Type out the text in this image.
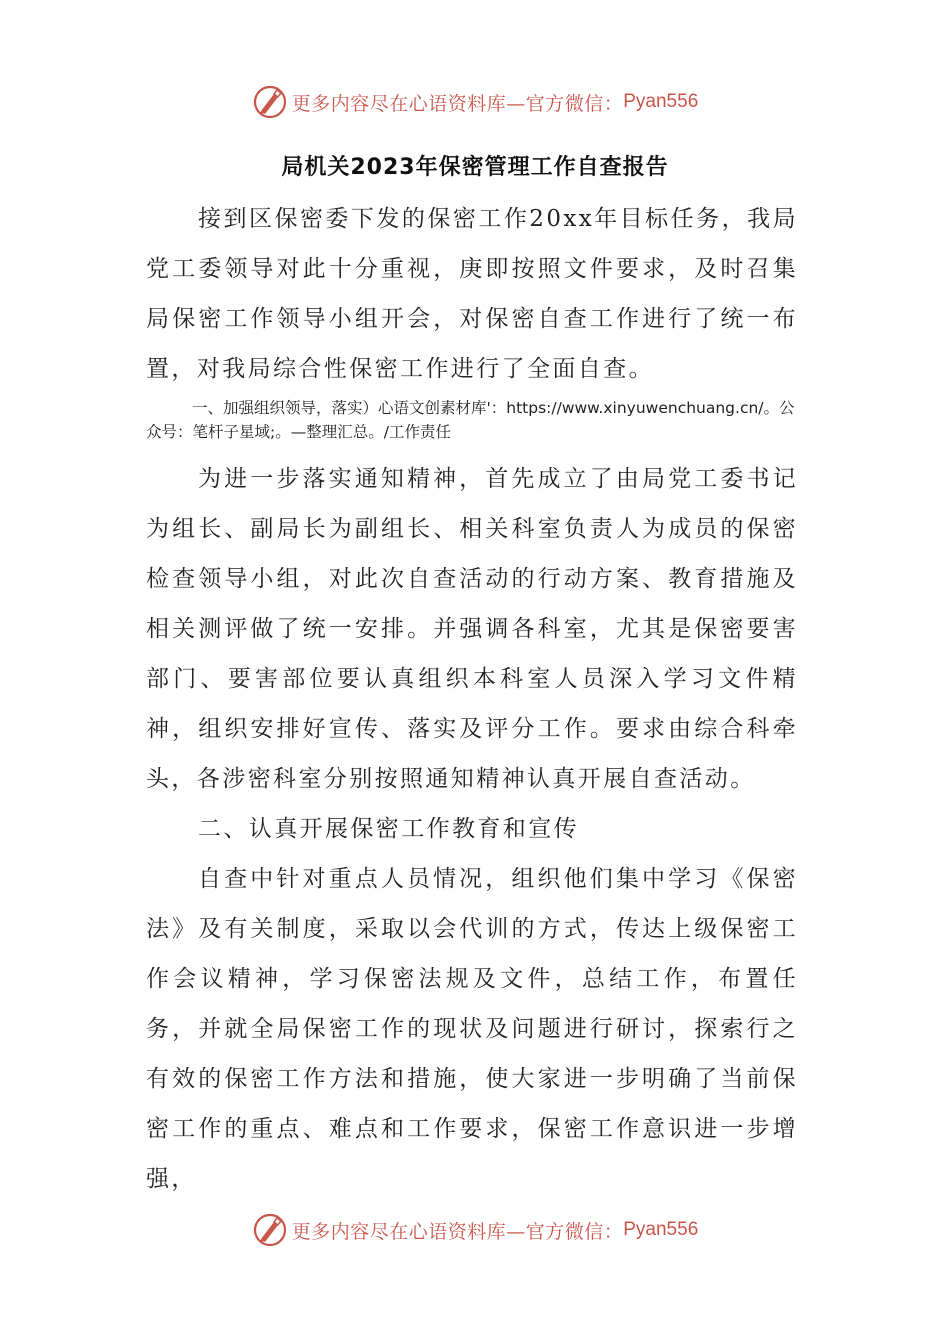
更多内容尽在心语资料库—官方微信： Pyan556
局机关2023年保密管理工作自查报告

接到区保密委下发的保密工作20xx年目标任务，我局党工委领导对此十分重视，庚即按照文件要求，及时召集局保密工作领导小组开会，对保密自查工作进行了统一布置，对我局综合性保密工作进行了全面自查。

一、加强组织领导，落实）心语文创素材库'：https://www.xinyuwenchuang.cn/。公众号：笔杆子星域;。—整理汇总。/工作责任

为进一步落实通知精神，首先成立了由局党工委书记为组长、副局长为副组长、相关科室负责人为成员的保密检查领导小组，对此次自查活动的行动方案、教育措施及相关测评做了统一安排。并强调各科室，尤其是保密要害部门、要害部位要认真组织本科室人员深入学习文件精神，组织安排好宣传、落实及评分工作。要求由综合科牵头，各涉密科室分别按照通知精神认真开展自查活动。

二、认真开展保密工作教育和宣传

自查中针对重点人员情况，组织他们集中学习《保密法》及有关制度，采取以会代训的方式，传达上级保密工作会议精神，学习保密法规及文件，总结工作，布置任务，并就全局保密工作的现状及问题进行研讨，探索行之有效的保密工作方法和措施，使大家进一步明确了当前保密工作的重点、难点和工作要求，保密工作意识进一步增强，

更多内容尽在心语资料库—官方微信： Pyan556
